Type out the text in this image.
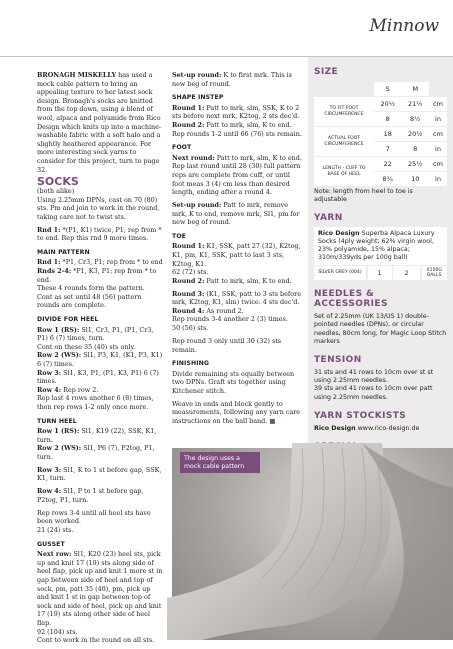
Minnow

BRONAGH MISKELLY has used a mock cable pattern to bring an appealing texture to her latest sock design. Bronagh's socks are knitted from the top down, using a blend of wool, alpaca and polyamide from Rico Design which knits up into a machine-washable fabric with a soft halo and a slightly heathered appearance. For more interesting sock yarns to consider for this project, turn to page 32.

SOCKS

(both alike)

Using 2.25mm DPNs, cast on 70 (80) sts. Pm and join to work in the round, taking care not to twist sts.

Rnd 1: *(P1, K1) twice, P1; rep from * to end. Rep this rnd 9 more times.

MAIN PATTERN

Rnd 1: *P1, Cr3, P1; rep from * to end

Rnds 2-4: *P1, K3, P1; rep from * to end.

These 4 rounds form the pattern.

Cont as set until 48 (56) pattern rounds are complete.

DIVIDE FOR HEEL

Row 1 (RS): Sl1, Cr3, P1, (P1, Cr3, P1) 6 (7) times, turn.

Cont on these 35 (40) sts only.

Row 2 (WS): Sl1, P3, K1, (K1, P3, K1) 6 (7) times.

Row 3: Sl1, K3, P1, (P1, K3, P1) 6 (7) times.

Row 4: Rep row 2.

Rep last 4 rows another 6 (8) times, then rep rows 1-2 only once more.

TURN HEEL

Row 1 (RS): Sl1, K19 (22), SSK, K1, turn.

Row 2 (WS): Sl1, P6 (7), P2tog, P1, turn.

Row 3: Sl1, K to 1 st before gap, SSK, K1, turn.

Row 4: Sl1, P to 1 st before gap, P2tog, P1, turn.

Rep rows 3-4 until all heel sts have been worked.

21 (24) sts.

GUSSET

Next row: Sl1, K20 (23) heel sts, pick up and knit 17 (19) sts along side of heel flap, pick up and knit 1 more st in gap between side of heel and top of sock, pm, patt 35 (40), pm, pick up and knit 1 st in gap between top of sock and side of heel, pick up and knit 17 (19) sts along other side of heel flap.

92 (104) sts.

Cont to work in the round on all sts.

Set-up round: K to first mrk. This is new beg of round.

SHAPE INSTEP

Round 1: Patt to mrk, slm, SSK, K to 2 sts before next mrk, K2tog, 2 sts dec'd.

Round 2: Patt to mrk, slm, K to end.

Rep rounds 1-2 until 66 (76) sts remain.

FOOT

Next round: Patt to mrk, slm, K to end. Rep last round until 28 (30) full pattern reps are complete from cuff, or until foot meas 3 (4) cm less than desired length, ending after a round 4.

Set-up round: Patt to mrk, remove mrk, K to end, remove mrk, Sl1, pm for new beg of round.

TOE

Round 1: K1, SSK, patt 27 (32), K2tog, K1, pm, K1, SSK, patt to last 3 sts, K2tog, K1.

62 (72) sts.

Round 2: Patt to mrk, slm, K to end.

Round 3: (K1, SSK, patt to 3 sts before mrk, K2tog, K1, slm) twice. 4 sts dec'd.

Round 4: As round 2.

Rep rounds 3-4 another 2 (3) times.

50 (56) sts.

Rep round 3 only until 30 (32) sts remain.

FINISHING

Divide remaining sts equally between two DPNs. Graft sts together using Kitchener stitch.

Weave in ends and block gently to measurements, following any yarn care instructions on the ball band. ■

SIZE
	S	M	
TO FIT FOOT CIRCUMFERENCE	20½	21½	cm
	8	8½	in
ACTUAL FOOT CIRCUMFERENCE	18	20½	cm
	7	8	in
LENGTH - CUFF TO BASE OF HEEL	22	25½	cm
	8¾	10	in
Note: length from heel to toe is adjustable
YARN
Rico Design Superba Alpaca Luxury Socks (4ply weight; 62% virgin wool, 23% polyamide, 15% alpaca; 310m/339yds per 100g ball)
SILVER GREY (004)	1	2	X100G BALLS
NEEDLES & ACCESSORIES
Set of 2.25mm (UK 13/US 1) double-pointed needles (DPNs), or circular needles, 80cm long, for Magic Loop Stitch markers
TENSION
31 sts and 41 rows to 10cm over st st using 2.25mm needles.
39 sts and 41 rows to 10cm over patt using 2.25mm needles.
YARN STOCKISTS
Rico Design www.rico-design.de
The design uses a mock cable pattern
